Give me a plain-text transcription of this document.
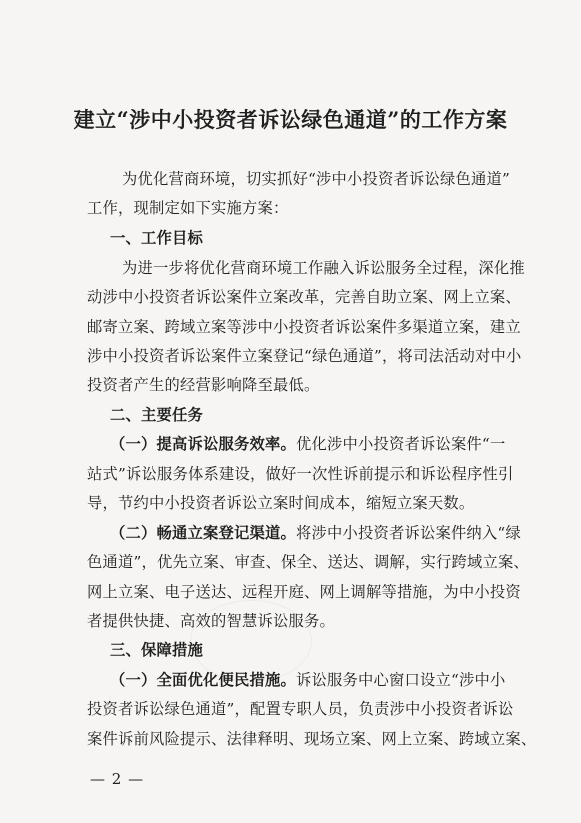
建立“涉中小投资者诉讼绿色通道”的工作方案
为优化营商环境，切实抓好“涉中小投资者诉讼绿色通道”
工作，现制定如下实施方案：
一、工作目标
为进一步将优化营商环境工作融入诉讼服务全过程，深化推
动涉中小投资者诉讼案件立案改革，完善自助立案、网上立案、
邮寄立案、跨域立案等涉中小投资者诉讼案件多渠道立案，建立
涉中小投资者诉讼案件立案登记“绿色通道”，将司法活动对中小
投资者产生的经营影响降至最低。
二、主要任务
（一）提高诉讼服务效率。优化涉中小投资者诉讼案件“一
站式”诉讼服务体系建设，做好一次性诉前提示和诉讼程序性引
导，节约中小投资者诉讼立案时间成本，缩短立案天数。
（二）畅通立案登记渠道。将涉中小投资者诉讼案件纳入“绿
色通道”，优先立案、审查、保全、送达、调解，实行跨域立案、
网上立案、电子送达、远程开庭、网上调解等措施，为中小投资
者提供快捷、高效的智慧诉讼服务。
三、保障措施
（一）全面优化便民措施。诉讼服务中心窗口设立“涉中小
投资者诉讼绿色通道”，配置专职人员，负责涉中小投资者诉讼
案件诉前风险提示、法律释明、现场立案、网上立案、跨域立案、
— 2 —
